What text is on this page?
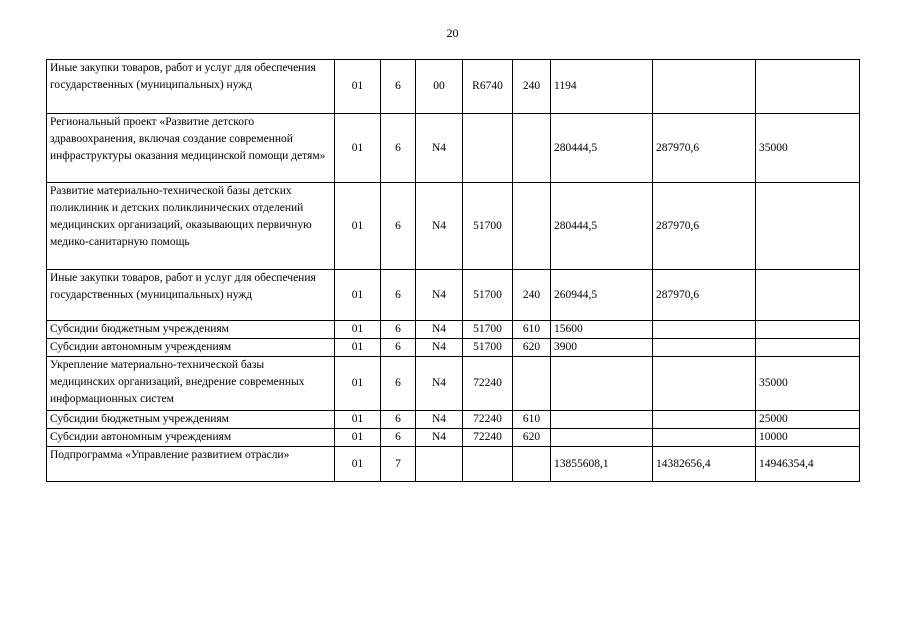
20
Иные закупки товаров, работ и услуг для обеспечения государственных (муниципальных) нужд	01	6	00	R6740	240	1194		
Региональный проект «Развитие детского здравоохранения, включая создание современной инфраструктуры оказания медицинской помощи детям»	01	6	N4			280444,5	287970,6	35000
Развитие материально-технической базы детских поликлиник и детских поликлинических отделений медицинских организаций, оказывающих первичную медико-санитарную помощь	01	6	N4	51700		280444,5	287970,6	
Иные закупки товаров, работ и услуг для обеспечения государственных (муниципальных) нужд	01	6	N4	51700	240	260944,5	287970,6	
Субсидии бюджетным учреждениям	01	6	N4	51700	610	15600		
Субсидии автономным учреждениям	01	6	N4	51700	620	3900		
Укрепление материально-технической базы медицинских организаций, внедрение современных информационных систем	01	6	N4	72240				35000
Субсидии бюджетным учреждениям	01	6	N4	72240	610			25000
Субсидии автономным учреждениям	01	6	N4	72240	620			10000
Подпрограмма «Управление развитием отрасли»	01	7				13855608,1	14382656,4	14946354,4
